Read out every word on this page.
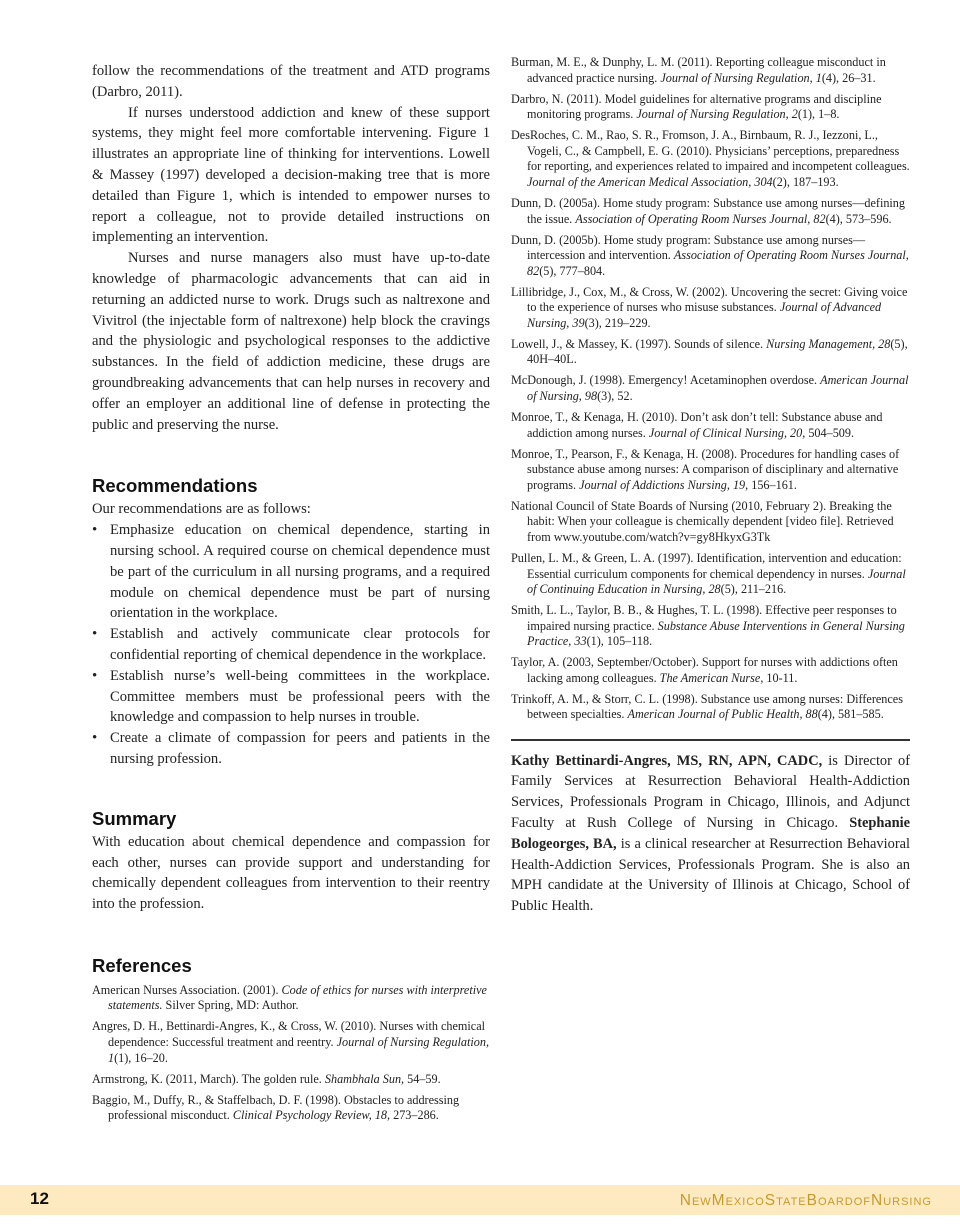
follow the recommendations of the treatment and ATD programs (Darbro, 2011).

If nurses understood addiction and knew of these support systems, they might feel more comfortable intervening. Figure 1 illustrates an appropriate line of thinking for interventions. Lowell & Massey (1997) developed a decision-making tree that is more detailed than Figure 1, which is intended to empower nurses to report a colleague, not to provide detailed instructions on implementing an intervention.

Nurses and nurse managers also must have up-to-date knowledge of pharmacologic advancements that can aid in returning an addicted nurse to work. Drugs such as naltrexone and Vivitrol (the injectable form of naltrexone) help block the cravings and the physiologic and psychological responses to the addictive substances. In the field of addiction medicine, these drugs are groundbreaking advancements that can help nurses in recovery and offer an employer an additional line of defense in protecting the public and preserving the nurse.

Recommendations
Our recommendations are as follows:
• Emphasize education on chemical dependence, starting in nursing school. A required course on chemical dependence must be part of the curriculum in all nursing programs, and a required module on chemical dependence must be part of nursing orientation in the workplace.
• Establish and actively communicate clear protocols for confidential reporting of chemical dependence in the workplace.
• Establish nurse’s well-being committees in the workplace. Committee members must be professional peers with the knowledge and compassion to help nurses in trouble.
• Create a climate of compassion for peers and patients in the nursing profession.
Summary
With education about chemical dependence and compassion for each other, nurses can provide support and understanding for chemically dependent colleagues from intervention to their reentry into the profession.
References
American Nurses Association. (2001). Code of ethics for nurses with interpretive statements. Silver Spring, MD: Author.
Angres, D. H., Bettinardi-Angres, K., & Cross, W. (2010). Nurses with chemical dependence: Successful treatment and reentry. Journal of Nursing Regulation, 1(1), 16–20.
Armstrong, K. (2011, March). The golden rule. Shambhala Sun, 54–59.
Baggio, M., Duffy, R., & Staffelbach, D. F. (1998). Obstacles to addressing professional misconduct. Clinical Psychology Review, 18, 273–286.
Burman, M. E., & Dunphy, L. M. (2011). Reporting colleague misconduct in advanced practice nursing. Journal of Nursing Regulation, 1(4), 26–31.
Darbro, N. (2011). Model guidelines for alternative programs and discipline monitoring programs. Journal of Nursing Regulation, 2(1), 1–8.
DesRoches, C. M., Rao, S. R., Fromson, J. A., Birnbaum, R. J., Iezzoni, L., Vogeli, C., & Campbell, E. G. (2010). Physicians’ perceptions, preparedness for reporting, and experiences related to impaired and incompetent colleagues. Journal of the American Medical Association, 304(2), 187–193.
Dunn, D. (2005a). Home study program: Substance use among nurses—defining the issue. Association of Operating Room Nurses Journal, 82(4), 573–596.
Dunn, D. (2005b). Home study program: Substance use among nurses—intercession and intervention. Association of Operating Room Nurses Journal, 82(5), 777–804.
Lillibridge, J., Cox, M., & Cross, W. (2002). Uncovering the secret: Giving voice to the experience of nurses who misuse substances. Journal of Advanced Nursing, 39(3), 219–229.
Lowell, J., & Massey, K. (1997). Sounds of silence. Nursing Management, 28(5), 40H–40L.
McDonough, J. (1998). Emergency! Acetaminophen overdose. American Journal of Nursing, 98(3), 52.
Monroe, T., & Kenaga, H. (2010). Don’t ask don’t tell: Substance abuse and addiction among nurses. Journal of Clinical Nursing, 20, 504–509.
Monroe, T., Pearson, F., & Kenaga, H. (2008). Procedures for handling cases of substance abuse among nurses: A comparison of disciplinary and alternative programs. Journal of Addictions Nursing, 19, 156–161.
National Council of State Boards of Nursing (2010, February 2). Breaking the habit: When your colleague is chemically dependent [video file]. Retrieved from www.youtube.com/watch?v=gy8HkyxG3Tk
Pullen, L. M., & Green, L. A. (1997). Identification, intervention and education: Essential curriculum components for chemical dependency in nurses. Journal of Continuing Education in Nursing, 28(5), 211–216.
Smith, L. L., Taylor, B. B., & Hughes, T. L. (1998). Effective peer responses to impaired nursing practice. Substance Abuse Interventions in General Nursing Practice, 33(1), 105–118.
Taylor, A. (2003, September/October). Support for nurses with addictions often lacking among colleagues. The American Nurse, 10-11.
Trinkoff, A. M., & Storr, C. L. (1998). Substance use among nurses: Differences between specialties. American Journal of Public Health, 88(4), 581–585.
Kathy Bettinardi-Angres, MS, RN, APN, CADC, is Director of Family Services at Resurrection Behavioral Health-Addiction Services, Professionals Program in Chicago, Illinois, and Adjunct Faculty at Rush College of Nursing in Chicago. Stephanie Bologeorges, BA, is a clinical researcher at Resurrection Behavioral Health-Addiction Services, Professionals Program. She is also an MPH candidate at the University of Illinois at Chicago, School of Public Health.
12	NewMexicoStateBoardofNursing
